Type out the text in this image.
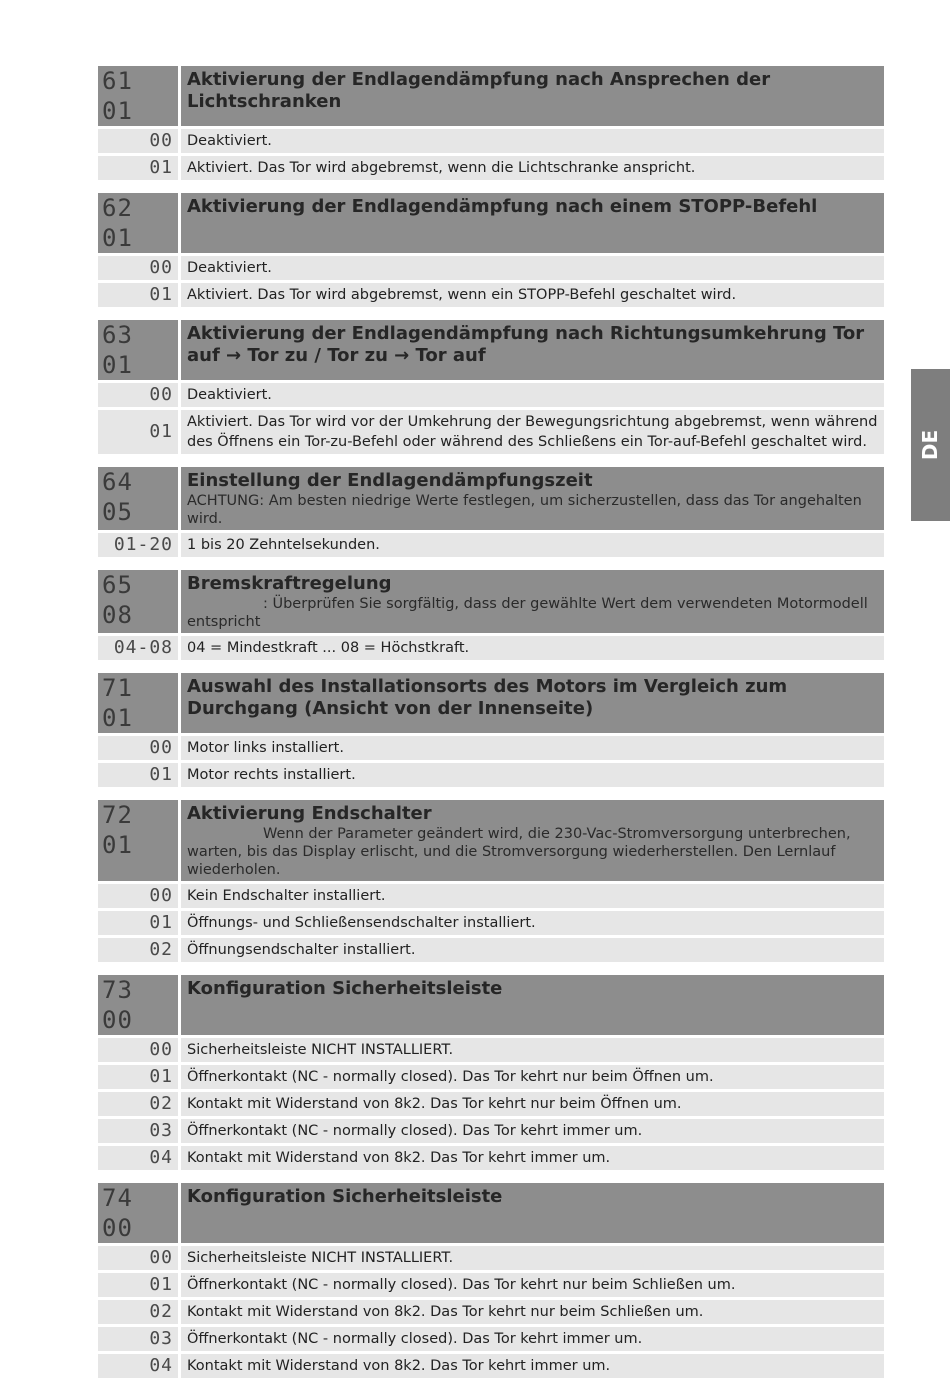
61 01
Aktivierung der Endlagendämpfung nach Ansprechen der Lichtschranken
00 Deaktiviert.
01 Aktiviert. Das Tor wird abgebremst, wenn die Lichtschranke anspricht.
62 01
Aktivierung der Endlagendämpfung nach einem STOPP-Befehl
00 Deaktiviert.
01 Aktiviert. Das Tor wird abgebremst, wenn ein STOPP-Befehl geschaltet wird.
63 01
Aktivierung der Endlagendämpfung nach Richtungsumkehrung Tor auf → Tor zu / Tor zu → Tor auf
00 Deaktiviert.
01 Aktiviert. Das Tor wird vor der Umkehrung der Bewegungsrichtung abgebremst, wenn während des Öffnens ein Tor-zu-Befehl oder während des Schließens ein Tor-auf-Befehl geschaltet wird.
64 05
Einstellung der Endlagendämpfungszeit
ACHTUNG: Am besten niedrige Werte festlegen, um sicherzustellen, dass das Tor angehalten wird.
01-20 1 bis 20 Zehntelsekunden.
65 08
Bremskraftregelung
: Überprüfen Sie sorgfältig, dass der gewählte Wert dem verwendeten Motormodell entspricht
04-08 04 = Mindestkraft ... 08 = Höchstkraft.
71 01
Auswahl des Installationsorts des Motors im Vergleich zum Durchgang (Ansicht von der Innenseite)
00 Motor links installiert.
01 Motor rechts installiert.
72 01
Aktivierung Endschalter
Wenn der Parameter geändert wird, die 230-Vac-Stromversorgung unterbrechen, warten, bis das Display erlischt, und die Stromversorgung wiederherstellen. Den Lernlauf wiederholen.
00 Kein Endschalter installiert.
01 Öffnungs- und Schließensendschalter installiert.
02 Öffnungsendschalter installiert.
73 00
Konfiguration Sicherheitsleiste
00 Sicherheitsleiste NICHT INSTALLIERT.
01 Öffnerkontakt (NC - normally closed). Das Tor kehrt nur beim Öffnen um.
02 Kontakt mit Widerstand von 8k2. Das Tor kehrt nur beim Öffnen um.
03 Öffnerkontakt (NC - normally closed). Das Tor kehrt immer um.
04 Kontakt mit Widerstand von 8k2. Das Tor kehrt immer um.
74 00
Konfiguration Sicherheitsleiste
00 Sicherheitsleiste NICHT INSTALLIERT.
01 Öffnerkontakt (NC - normally closed). Das Tor kehrt nur beim Schließen um.
02 Kontakt mit Widerstand von 8k2. Das Tor kehrt nur beim Schließen um.
03 Öffnerkontakt (NC - normally closed). Das Tor kehrt immer um.
04 Kontakt mit Widerstand von 8k2. Das Tor kehrt immer um.
DE
